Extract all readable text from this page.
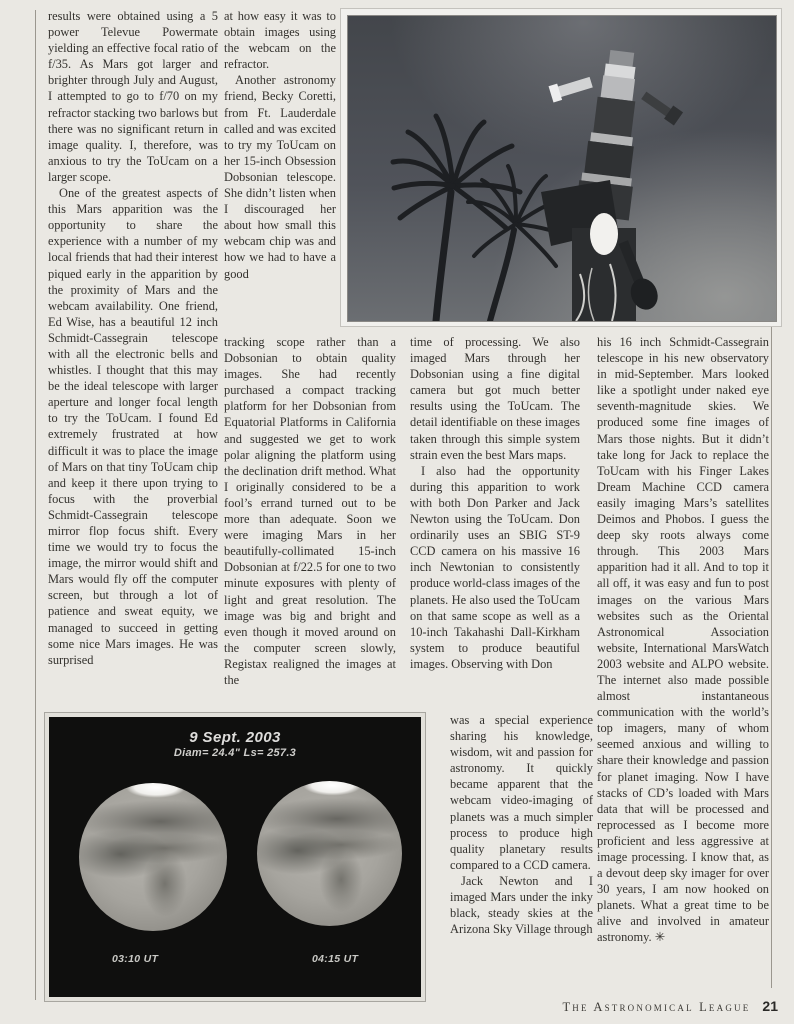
results were obtained using a 5 power Televue Powermate yielding an effective focal ratio of f/35. As Mars got larger and brighter through July and August, I attempted to go to f/70 on my refractor stacking two barlows but there was no significant return in image quality. I, therefore, was anxious to try the ToUcam on a larger scope.

One of the greatest aspects of this Mars apparition was the opportunity to share the experience with a number of my local friends that had their interest piqued early in the apparition by the proximity of Mars and the webcam availability. One friend, Ed Wise, has a beautiful 12 inch Schmidt-Cassegrain telescope with all the electronic bells and whistles. I thought that this may be the ideal telescope with larger aperture and longer focal length to try the ToUcam. I found Ed extremely frustrated at how difficult it was to place the image of Mars on that tiny ToUcam chip and keep it there upon trying to focus with the proverbial Schmidt-Cassegrain telescope mirror flop focus shift. Every time we would try to focus the image, the mirror would shift and Mars would fly off the computer screen, but through a lot of patience and sweat equity, we managed to succeed in getting some nice Mars images. He was surprised

at how easy it was to obtain images using the webcam on the refractor.

Another astronomy friend, Becky Coretti, from Ft. Lauderdale called and was excited to try my ToUcam on her 15-inch Obsession Dobsonian telescope. She didn’t listen when I discouraged her about how small this webcam chip was and how we had to have a good

tracking scope rather than a Dobsonian to obtain quality images. She had recently purchased a compact tracking platform for her Dobsonian from Equatorial Platforms in California and suggested we get to work polar aligning the platform using the declination drift method. What I originally considered to be a fool’s errand turned out to be more than adequate. Soon we were imaging Mars in her beautifully-collimated 15-inch Dobsonian at f/22.5 for one to two minute exposures with plenty of light and great resolution. The image was big and bright and even though it moved around on the computer screen slowly, Registax realigned the images at the

time of processing. We also imaged Mars through her Dobsonian using a fine digital camera but got much better results using the ToUcam. The detail identifiable on these images taken through this simple system strain even the best Mars maps.

I also had the opportunity during this apparition to work with both Don Parker and Jack Newton using the ToUcam. Don ordinarily uses an SBIG ST-9 CCD camera on his massive 16 inch Newtonian to consistently produce world-class images of the planets. He also used the ToUcam on that same scope as well as a 10-inch Takahashi Dall-Kirkham system to produce beautiful images. Observing with Don

was a special experience sharing his knowledge, wisdom, wit and passion for astronomy. It quickly became apparent that the webcam video-imaging of planets was a much simpler process to produce high quality planetary results compared to a CCD camera.

Jack Newton and I imaged Mars under the inky black, steady skies at the Arizona Sky Village through

his 16 inch Schmidt-Cassegrain telescope in his new observatory in mid-September. Mars looked like a spotlight under naked eye seventh-magnitude skies. We produced some fine images of Mars those nights. But it didn’t take long for Jack to replace the ToUcam with his Finger Lakes Dream Machine CCD camera easily imaging Mars’s satellites Deimos and Phobos. I guess the deep sky roots always come through. This 2003 Mars apparition had it all. And to top it all off, it was easy and fun to post images on the various Mars websites such as the Oriental Astronomical Association website, International MarsWatch 2003 website and ALPO website. The internet also made possible almost instantaneous communication with the world’s top imagers, many of whom seemed anxious and willing to share their knowledge and passion for planet imaging. Now I have stacks of CD’s loaded with Mars data that will be processed and reprocessed as I become more proficient and less aggressive at image processing. I know that, as a devout deep sky imager for over 30 years, I am now hooked on planets. What a great time to be alive and involved in amateur astronomy. ✳

9 Sept. 2003
Diam= 24.4" Ls= 257.3
03:10 UT	04:15 UT
The Astronomical League 21
